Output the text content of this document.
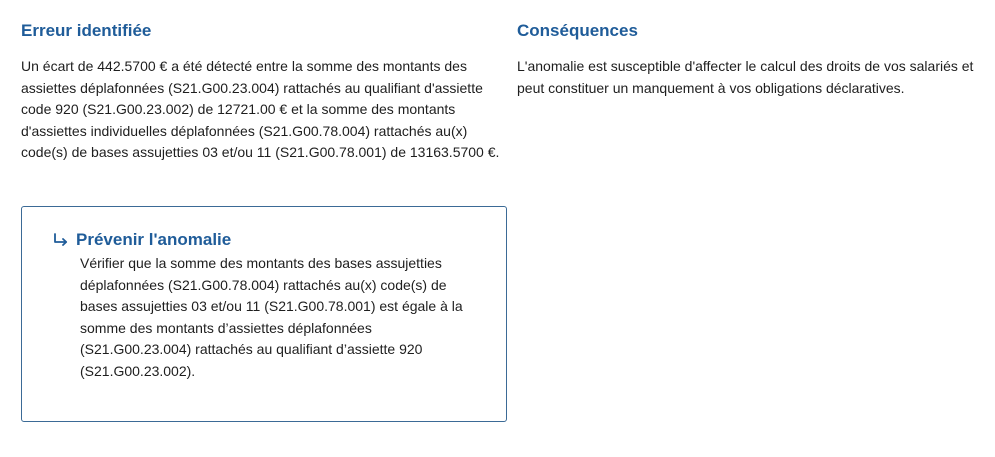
Erreur identifiée

Un écart de 442.5700 € a été détecté entre la somme des montants des assiettes déplafonnées (S21.G00.23.004) rattachés au qualifiant d'assiette code 920 (S21.G00.23.002) de 12721.00 € et la somme des montants d'assiettes individuelles déplafonnées (S21.G00.78.004) rattachés au(x) code(s) de bases assujetties 03 et/ou 11 (S21.G00.78.001) de 13163.5700 €.

Conséquences

L'anomalie est susceptible d'affecter le calcul des droits de vos salariés et peut constituer un manquement à vos obligations déclaratives.

Prévenir l'anomalie

Vérifier que la somme des montants des bases assujetties déplafonnées (S21.G00.78.004) rattachés au(x) code(s) de bases assujetties 03 et/ou 11 (S21.G00.78.001) est égale à la somme des montants d’assiettes déplafonnées (S21.G00.23.004) rattachés au qualifiant d’assiette 920 (S21.G00.23.002).
